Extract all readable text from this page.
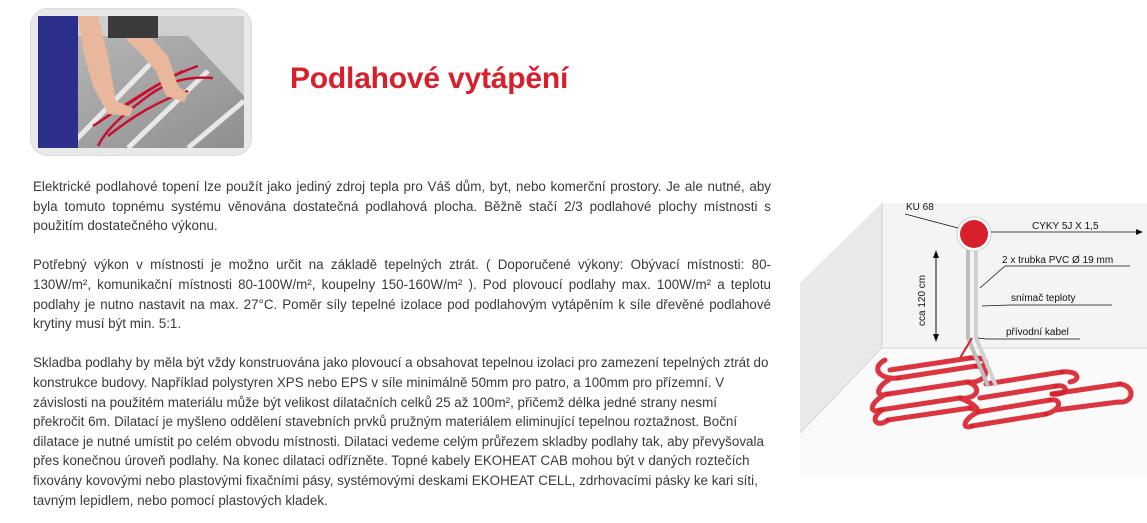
Podlahové vytápění

Elektrické podlahové topení lze použít jako jediný zdroj tepla pro Váš dům, byt, nebo komerční prostory. Je ale nutné, aby byla tomuto topnému systému věnována dostatečná podlahová plocha. Běžně stačí 2/3 podlahové plochy místnosti s použitím dostatečného výkonu.

Potřebný výkon v místnosti je možno určit na základě tepelných ztrát. ( Doporučené výkony: Obývací místnosti: 80-130W/m², komunikační místnosti 80-100W/m², koupelny 150-160W/m² ). Pod plovoucí podlahy max. 100W/m² a teplotu podlahy je nutno nastavit na max. 27°C. Poměr síly tepelné izolace pod podlahovým vytápěním k síle dřevěné podlahové krytiny musí být min. 5:1.

Skladba podlahy by měla být vždy konstruována jako plovoucí a obsahovat tepelnou izolaci pro zamezení tepelných ztrát do konstrukce budovy. Například polystyren XPS nebo EPS v síle minimálně 50mm pro patro, a 100mm pro přízemní. V závislosti na použitém materiálu může být velikost dilatačních celků 25 až 100m², přičemž délka jedné strany nesmí překročit 6m. Dilatací je myšleno oddělení stavebních prvků pružným materiálem eliminující tepelnou roztažnost. Boční dilatace je nutné umístit po celém obvodu místnosti. Dilataci vedeme celým průřezem skladby podlahy tak, aby převyšovala přes konečnou úroveň podlahy. Na konec dilataci odřízněte. Topné kabely EKOHEAT CAB mohou být v daných roztečích fixovány kovovými nebo plastovými fixačními pásy, systémovými deskami EKOHEAT CELL, zdrhovacími pásky ke kari síti, tavným lepidlem, nebo pomocí plastových kladek.

KU 68
CYKY 5J X 1,5
2 x trubka PVC Ø 19 mm
snímač teploty
přívodní kabel
cca 120 cm
